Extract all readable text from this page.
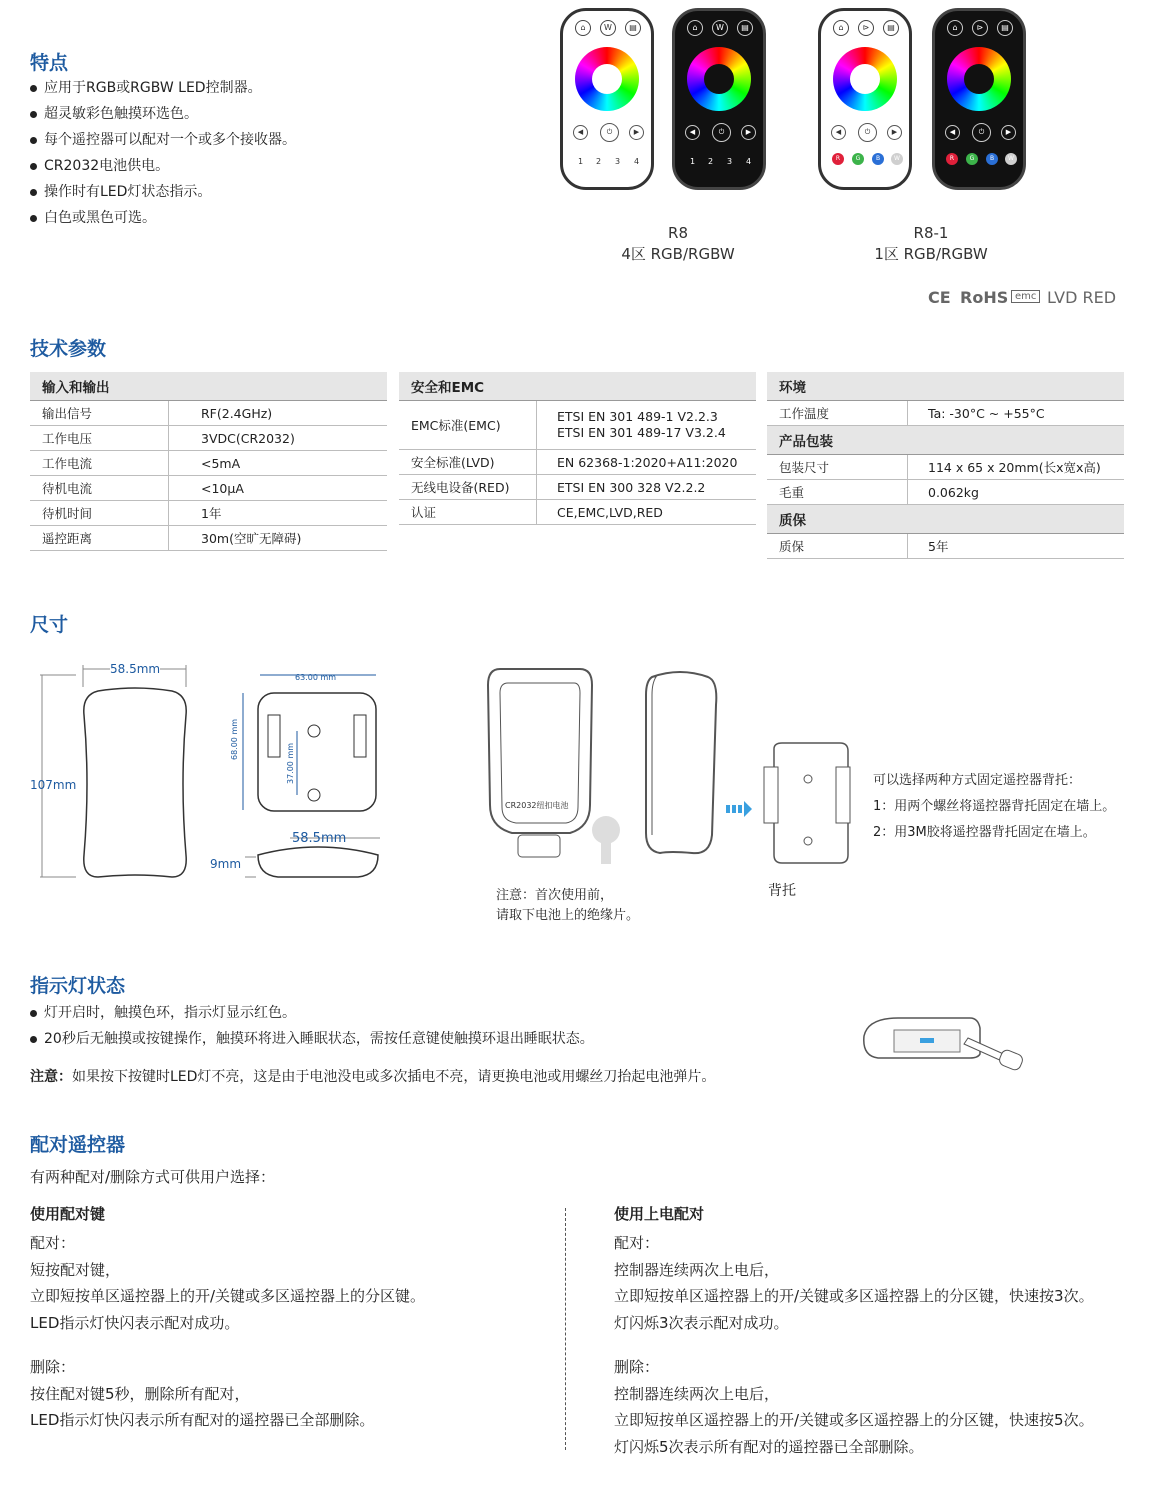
特点
应用于RGB或RGBW LED控制器。
超灵敏彩色触摸环选色。
每个遥控器可以配对一个或多个接收器。
CR2032电池供电。
操作时有LED灯状态指示。
白色或黑色可选。
⌂	W	▤
◀	⏻	▶
1 2 3 4
⌂	W	▤
◀	⏻	▶
1 2 3 4
⌂	⊳	▤
◀	⏻	▶
R	G	B	W
⌂	⊳	▤
◀	⏻	▶
R	G	B	W
R8
4区 RGB/RGBW
R8-1
1区 RGB/RGBW
CE RoHS emc LVD RED
技术参数
输入和输出	
输出信号	RF(2.4GHz)
工作电压	3VDC(CR2032)
工作电流	<5mA
待机电流	<10μA
待机时间	1年
遥控距离	30m(空旷无障碍)
安全和EMC	
EMC标准(EMC)	ETSI EN 301 489-1 V2.2.3
ETSI EN 301 489-17 V3.2.4

安全标准(LVD)	EN 62368-1:2020+A11:2020
无线电设备(RED)	ETSI EN 300 328 V2.2.2
认证	CE,EMC,LVD,RED
环境	
工作温度	Ta: -30°C ~ +55°C
产品包装	
包装尺寸	114 x 65 x 20mm(长x宽x高)
毛重	0.062kg
质保	
质保	5年
尺寸
58.5mm
107mm
63.00 mm
68.00 mm
37.00 mm
58.5mm
9mm
CR2032纽扣电池
注意：首次使用前，
请取下电池上的绝缘片。
背托
可以选择两种方式固定遥控器背托：
1：用两个螺丝将遥控器背托固定在墙上。
2：用3M胶将遥控器背托固定在墙上。
指示灯状态
灯开启时，触摸色环，指示灯显示红色。
20秒后无触摸或按键操作，触摸环将进入睡眠状态，需按任意键使触摸环退出睡眠状态。
注意：如果按下按键时LED灯不亮，这是由于电池没电或多次插电不亮，请更换电池或用螺丝刀抬起电池弹片。
配对遥控器
有两种配对/删除方式可供用户选择：
使用配对键
配对：
短按配对键，
立即短按单区遥控器上的开/关键或多区遥控器上的分区键。
LED指示灯快闪表示配对成功。
删除：
按住配对键5秒，删除所有配对，
LED指示灯快闪表示所有配对的遥控器已全部删除。
使用上电配对
配对：
控制器连续两次上电后，
立即短按单区遥控器上的开/关键或多区遥控器上的分区键，快速按3次。
灯闪烁3次表示配对成功。
删除：
控制器连续两次上电后，
立即短按单区遥控器上的开/关键或多区遥控器上的分区键，快速按5次。
灯闪烁5次表示所有配对的遥控器已全部删除。
